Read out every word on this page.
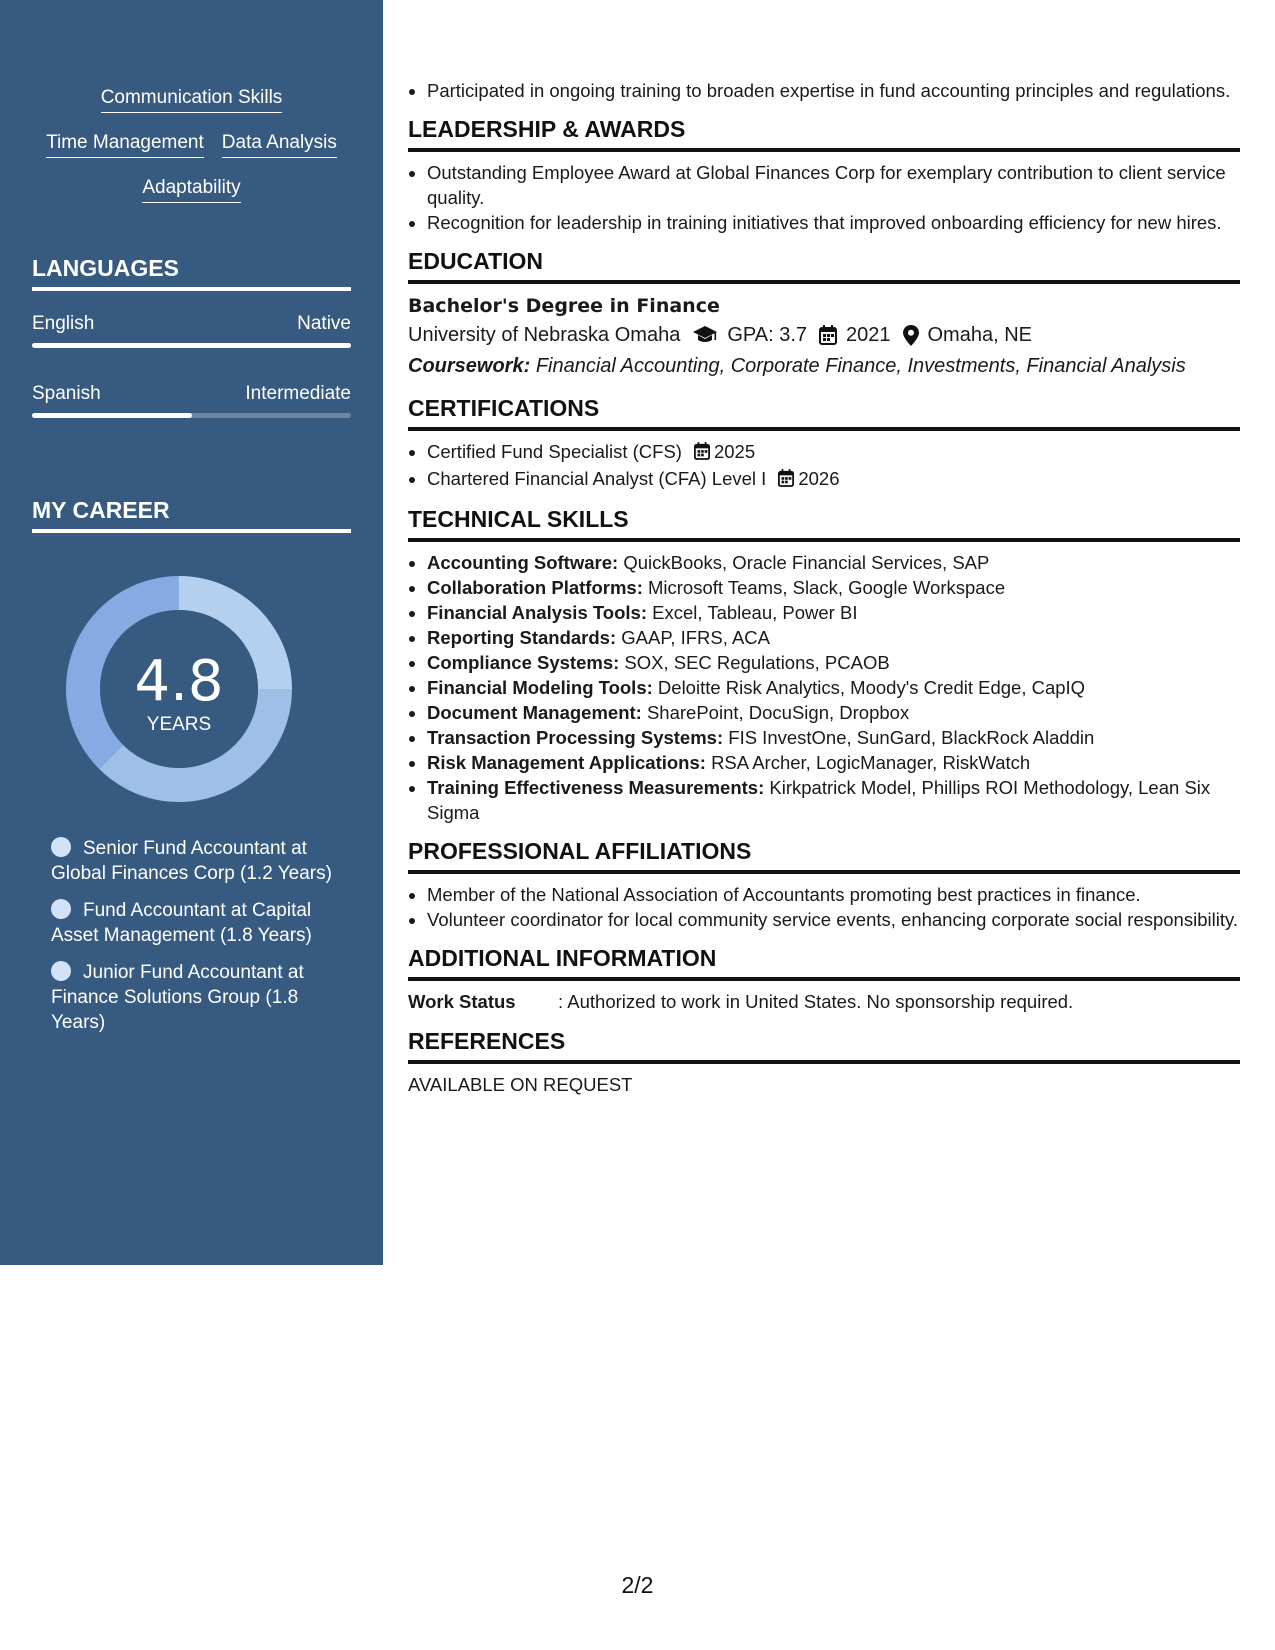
Communication Skills
Time Management Data Analysis
Adaptability
LANGUAGES
English	Native
Spanish	Intermediate
MY CAREER
4.8
YEARS
Senior Fund Accountant at Global Finances Corp (1.2 Years)
Fund Accountant at Capital Asset Management (1.8 Years)
Junior Fund Accountant at Finance Solutions Group (1.8 Years)
• Participated in ongoing training to broaden expertise in fund accounting principles and regulations.
LEADERSHIP & AWARDS
• Outstanding Employee Award at Global Finances Corp for exemplary contribution to client service quality.
• Recognition for leadership in training initiatives that improved onboarding efficiency for new hires.
EDUCATION
Bachelor's Degree in Finance
University of Nebraska Omaha GPA: 3.7 2021 Omaha, NE
Coursework: Financial Accounting, Corporate Finance, Investments, Financial Analysis
CERTIFICATIONS
• Certified Fund Specialist (CFS) 2025
• Chartered Financial Analyst (CFA) Level I 2026
TECHNICAL SKILLS
• Accounting Software: QuickBooks, Oracle Financial Services, SAP
• Collaboration Platforms: Microsoft Teams, Slack, Google Workspace
• Financial Analysis Tools: Excel, Tableau, Power BI
• Reporting Standards: GAAP, IFRS, ACA
• Compliance Systems: SOX, SEC Regulations, PCAOB
• Financial Modeling Tools: Deloitte Risk Analytics, Moody's Credit Edge, CapIQ
• Document Management: SharePoint, DocuSign, Dropbox
• Transaction Processing Systems: FIS InvestOne, SunGard, BlackRock Aladdin
• Risk Management Applications: RSA Archer, LogicManager, RiskWatch
• Training Effectiveness Measurements: Kirkpatrick Model, Phillips ROI Methodology, Lean Six Sigma
PROFESSIONAL AFFILIATIONS
• Member of the National Association of Accountants promoting best practices in finance.
• Volunteer coordinator for local community service events, enhancing corporate social responsibility.
ADDITIONAL INFORMATION
Work Status	: Authorized to work in United States. No sponsorship required.
REFERENCES
AVAILABLE ON REQUEST
2/2
